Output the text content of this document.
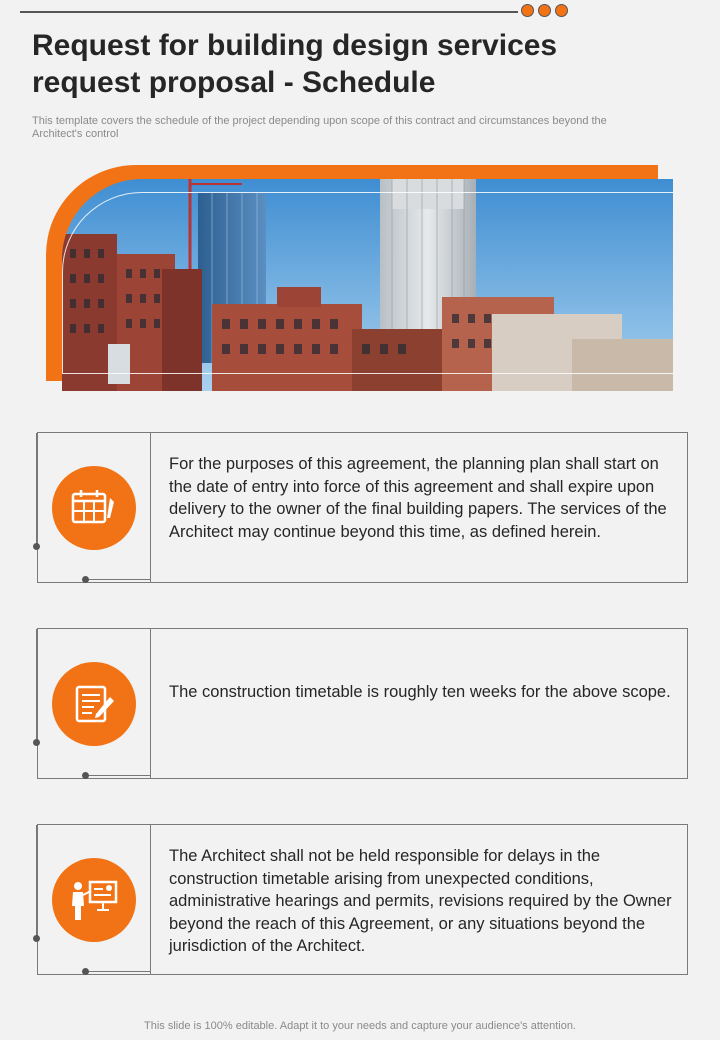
Request for building design services request proposal - Schedule

This template covers the schedule of the project depending upon scope of this contract and circumstances beyond the Architect's control

For the purposes of this agreement, the planning plan shall start on the date of entry into force of this agreement and shall expire upon delivery to the owner of the final building papers. The services of the Architect may continue beyond this time, as defined herein.

The construction timetable is roughly ten weeks for the above scope.

The Architect shall not be held responsible for delays in the construction timetable arising from unexpected conditions, administrative hearings and permits, revisions required by the Owner beyond the reach of this Agreement, or any situations beyond the jurisdiction of the Architect.

This slide is 100% editable. Adapt it to your needs and capture your audience's attention.
